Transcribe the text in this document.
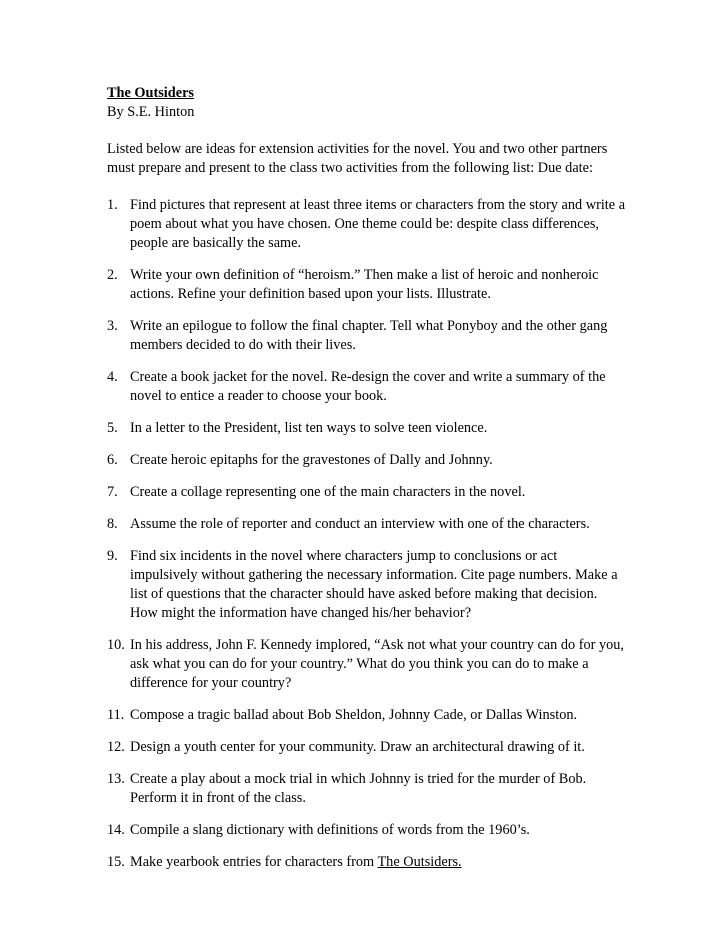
The Outsiders

By S.E. Hinton

Listed below are ideas for extension activities for the novel. You and two other partners must prepare and present to the class two activities from the following list: Due date:

1. Find pictures that represent at least three items or characters from the story and write a poem about what you have chosen. One theme could be: despite class differences, people are basically the same.
2. Write your own definition of “heroism.” Then make a list of heroic and nonheroic actions. Refine your definition based upon your lists. Illustrate.
3. Write an epilogue to follow the final chapter. Tell what Ponyboy and the other gang members decided to do with their lives.
4. Create a book jacket for the novel. Re-design the cover and write a summary of the novel to entice a reader to choose your book.
5. In a letter to the President, list ten ways to solve teen violence.
6. Create heroic epitaphs for the gravestones of Dally and Johnny.
7. Create a collage representing one of the main characters in the novel.
8. Assume the role of reporter and conduct an interview with one of the characters.
9. Find six incidents in the novel where characters jump to conclusions or act impulsively without gathering the necessary information. Cite page numbers. Make a list of questions that the character should have asked before making that decision. How might the information have changed his/her behavior?
10. In his address, John F. Kennedy implored, “Ask not what your country can do for you, ask what you can do for your country.” What do you think you can do to make a difference for your country?
11. Compose a tragic ballad about Bob Sheldon, Johnny Cade, or Dallas Winston.
12. Design a youth center for your community. Draw an architectural drawing of it.
13. Create a play about a mock trial in which Johnny is tried for the murder of Bob. Perform it in front of the class.
14. Compile a slang dictionary with definitions of words from the 1960’s.
15. Make yearbook entries for characters from The Outsiders.
